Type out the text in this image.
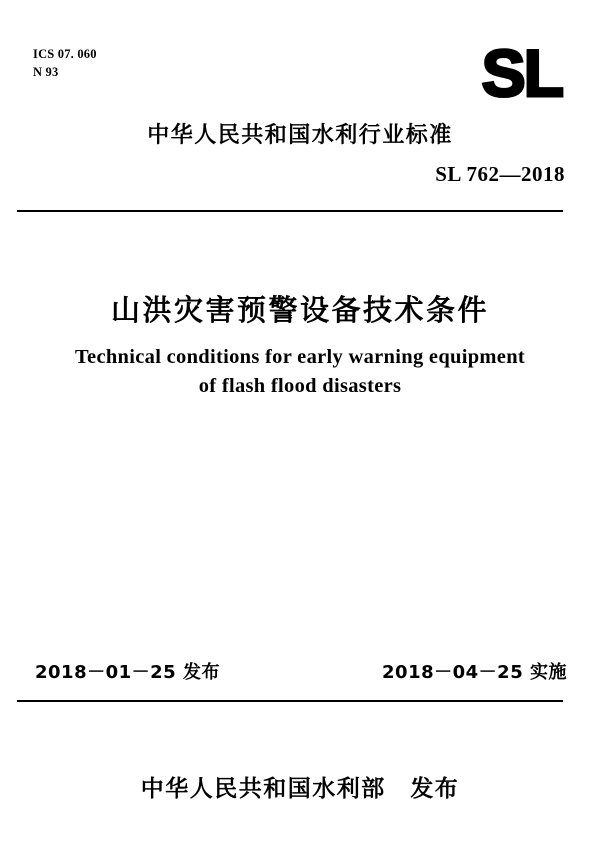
ICS 07. 060
N 93	SL
中华人民共和国水利行业标准
SL 762—2018
山洪灾害预警设备技术条件
Technical conditions for early warning equipment
of flash flood disasters
2018－01－25 发布	2018－04－25 实施
中华人民共和国水利部　发布
